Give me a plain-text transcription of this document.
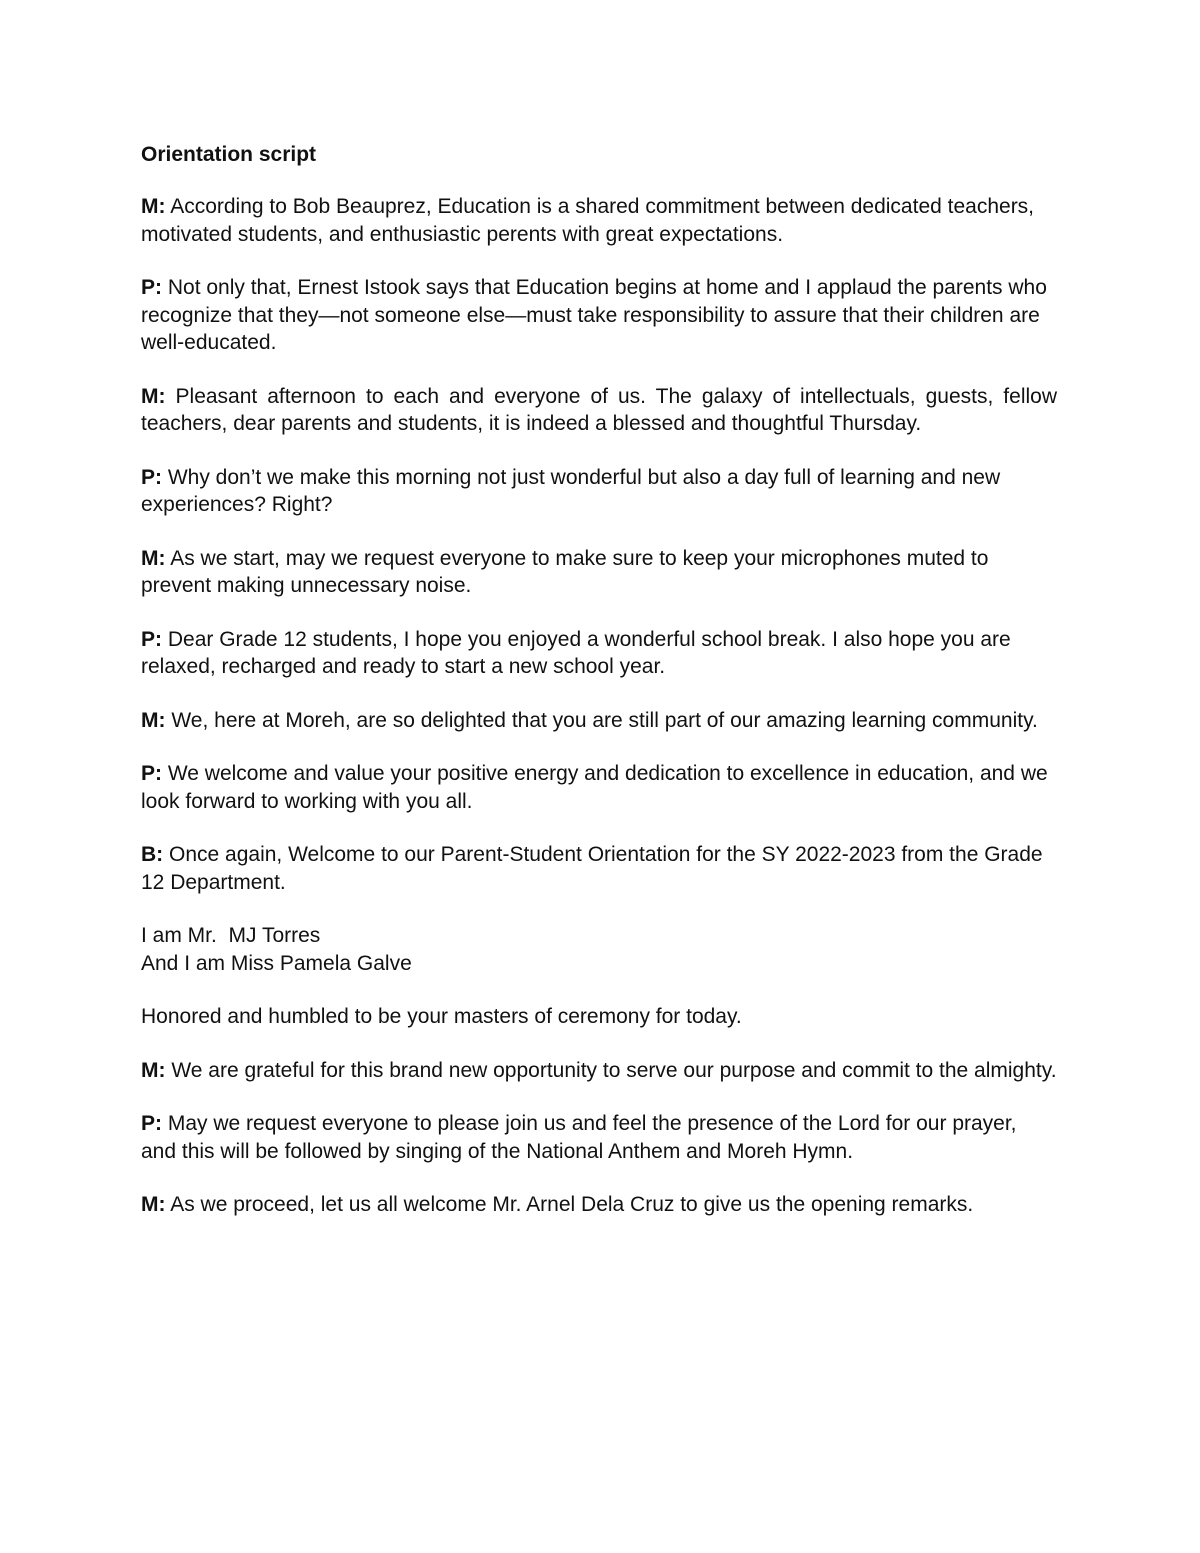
Orientation script

M: According to Bob Beauprez, Education is a shared commitment between dedicated teachers, motivated students, and enthusiastic perents with great expectations.

P: Not only that, Ernest Istook says that Education begins at home and I applaud the parents who recognize that they—not someone else—must take responsibility to assure that their children are well-educated.

M: Pleasant afternoon to each and everyone of us. The galaxy of intellectuals, guests, fellow teachers, dear parents and students, it is indeed a blessed and thoughtful Thursday.

P: Why don’t we make this morning not just wonderful but also a day full of learning and new experiences? Right?

M: As we start, may we request everyone to make sure to keep your microphones muted to prevent making unnecessary noise.

P: Dear Grade 12 students, I hope you enjoyed a wonderful school break. I also hope you are relaxed, recharged and ready to start a new school year.

M: We, here at Moreh, are so delighted that you are still part of our amazing learning community.

P: We welcome and value your positive energy and dedication to excellence in education, and we look forward to working with you all.

B: Once again, Welcome to our Parent-Student Orientation for the SY 2022-2023 from the Grade 12 Department.

I am Mr.  MJ Torres
And I am Miss Pamela Galve

Honored and humbled to be your masters of ceremony for today.

M: We are grateful for this brand new opportunity to serve our purpose and commit to the almighty.

P: May we request everyone to please join us and feel the presence of the Lord for our prayer, and this will be followed by singing of the National Anthem and Moreh Hymn.

M: As we proceed, let us all welcome Mr. Arnel Dela Cruz to give us the opening remarks.
